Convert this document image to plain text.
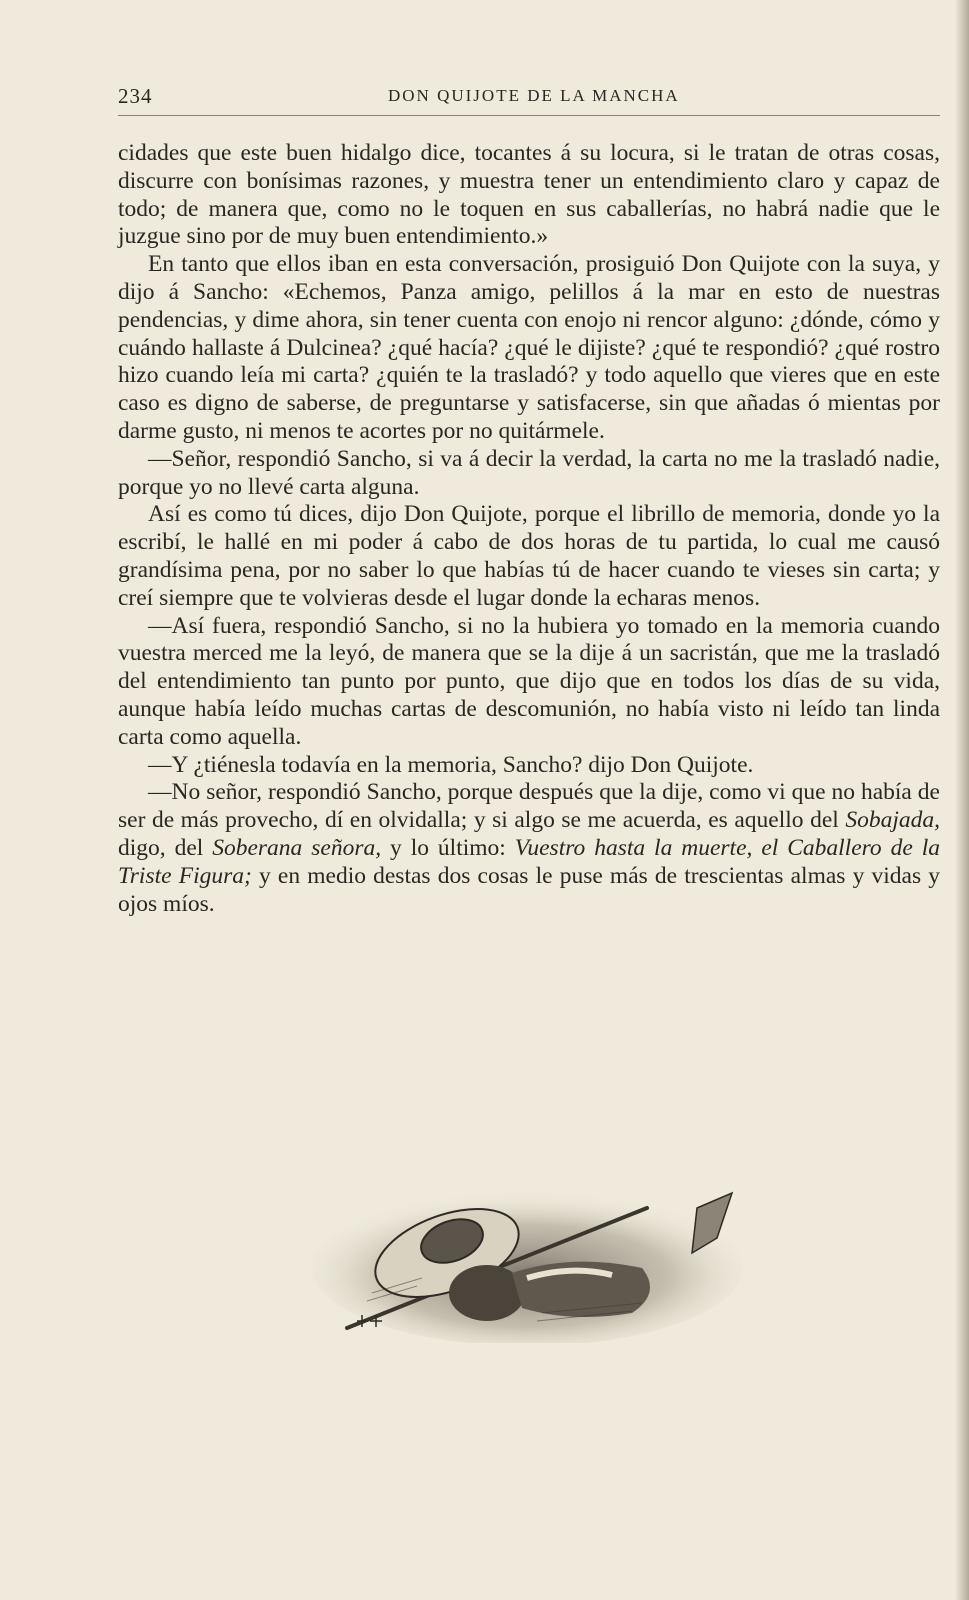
234	DON QUIJOTE DE LA MANCHA

cidades que este buen hidalgo dice, tocantes á su locura, si le tratan de otras cosas, discurre con bonísimas razones, y muestra tener un entendimiento claro y capaz de todo; de manera que, como no le toquen en sus caballerías, no habrá nadie que le juzgue sino por de muy buen entendimiento.»

En tanto que ellos iban en esta conversación, prosiguió Don Quijote con la suya, y dijo á Sancho: «Echemos, Panza amigo, pelillos á la mar en esto de nuestras pendencias, y dime ahora, sin tener cuenta con enojo ni rencor alguno: ¿dónde, cómo y cuándo hallaste á Dulcinea? ¿qué hacía? ¿qué le dijiste? ¿qué te respondió? ¿qué rostro hizo cuando leía mi carta? ¿quién te la trasladó? y todo aquello que vieres que en este caso es digno de saberse, de preguntarse y satisfacerse, sin que añadas ó mientas por darme gusto, ni menos te acortes por no quitármele.

—Señor, respondió Sancho, si va á decir la verdad, la carta no me la trasladó nadie, porque yo no llevé carta alguna.

Así es como tú dices, dijo Don Quijote, porque el librillo de memoria, donde yo la escribí, le hallé en mi poder á cabo de dos horas de tu partida, lo cual me causó grandísima pena, por no saber lo que habías tú de hacer cuando te vieses sin carta; y creí siempre que te volvieras desde el lugar donde la echaras menos.

—Así fuera, respondió Sancho, si no la hubiera yo tomado en la memoria cuando vuestra merced me la leyó, de manera que se la dije á un sacristán, que me la trasladó del entendimiento tan punto por punto, que dijo que en todos los días de su vida, aunque había leído muchas cartas de descomunión, no había visto ni leído tan linda carta como aquella.

—Y ¿tiénesla todavía en la memoria, Sancho? dijo Don Quijote.

—No señor, respondió Sancho, porque después que la dije, como vi que no había de ser de más provecho, dí en olvidalla; y si algo se me acuerda, es aquello del Sobajada, digo, del Soberana señora, y lo último: Vuestro hasta la muerte, el Caballero de la Triste Figura; y en medio destas dos cosas le puse más de trescientas almas y vidas y ojos míos.
